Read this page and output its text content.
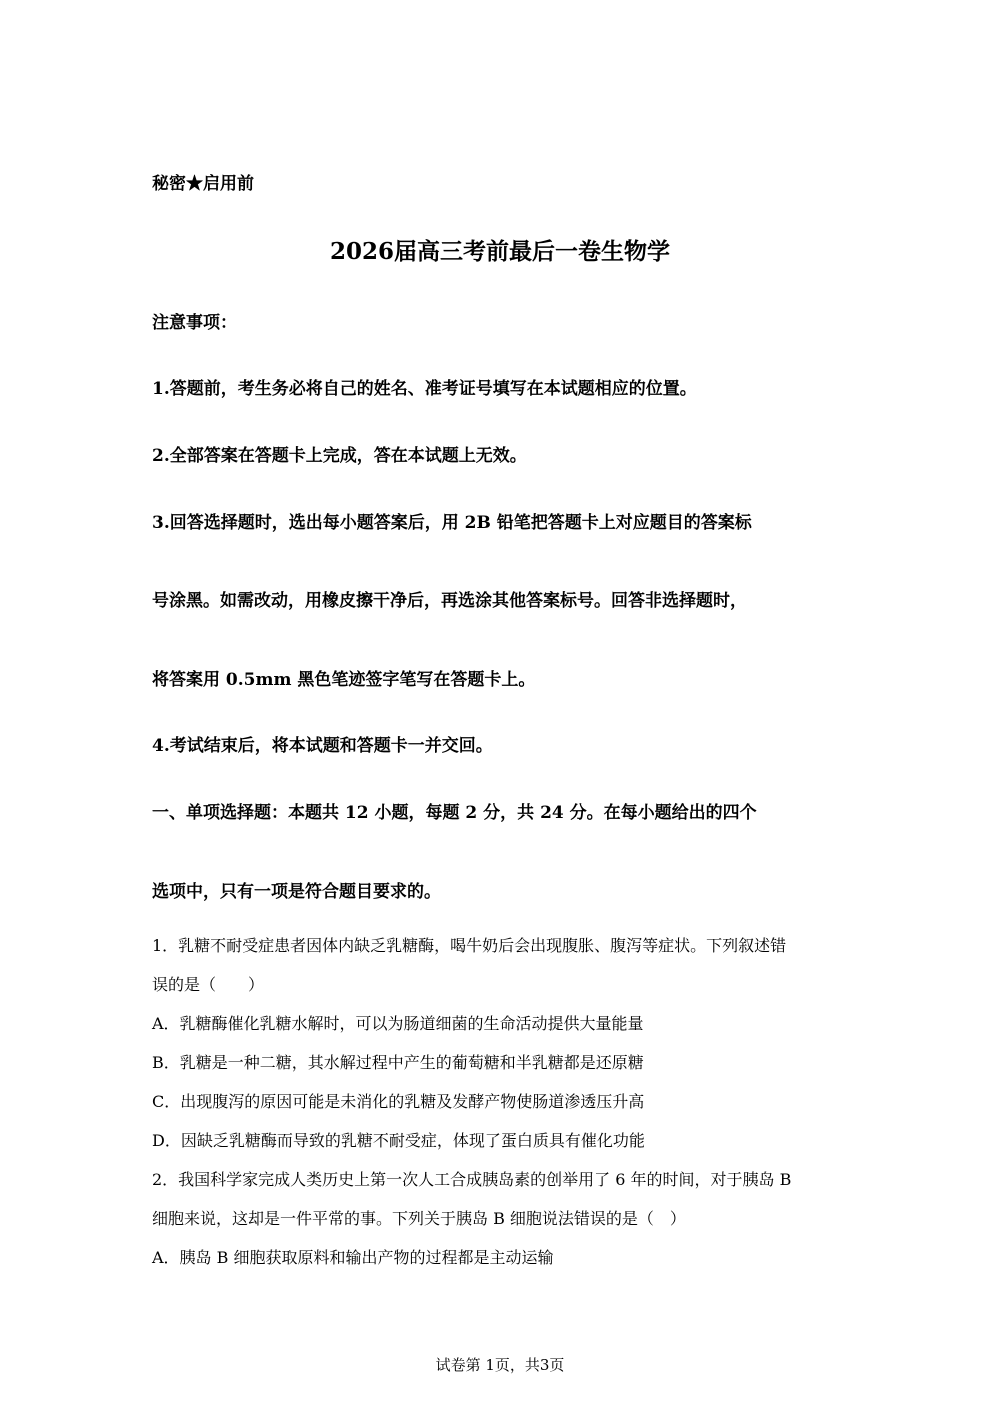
秘密★启用前
2026届高三考前最后一卷生物学
注意事项：
1.答题前，考生务必将自己的姓名、准考证号填写在本试题相应的位置。
2.全部答案在答题卡上完成，答在本试题上无效。
3.回答选择题时，选出每小题答案后，用 2B 铅笔把答题卡上对应题目的答案标
号涂黑。如需改动，用橡皮擦干净后，再选涂其他答案标号。回答非选择题时，
将答案用 0.5mm 黑色笔迹签字笔写在答题卡上。
4.考试结束后，将本试题和答题卡一并交回。
一、单项选择题：本题共 12 小题，每题 2 分，共 24 分。在每小题给出的四个
选项中，只有一项是符合题目要求的。
1．乳糖不耐受症患者因体内缺乏乳糖酶，喝牛奶后会出现腹胀、腹泻等症状。下列叙述错
误的是（　　）
A．乳糖酶催化乳糖水解时，可以为肠道细菌的生命活动提供大量能量
B．乳糖是一种二糖，其水解过程中产生的葡萄糖和半乳糖都是还原糖
C．出现腹泻的原因可能是未消化的乳糖及发酵产物使肠道渗透压升高
D．因缺乏乳糖酶而导致的乳糖不耐受症，体现了蛋白质具有催化功能
2．我国科学家完成人类历史上第一次人工合成胰岛素的创举用了 6 年的时间，对于胰岛 B
细胞来说，这却是一件平常的事。下列关于胰岛 B 细胞说法错误的是（　）
A．胰岛 B 细胞获取原料和输出产物的过程都是主动运输
试卷第 1页，共3页
